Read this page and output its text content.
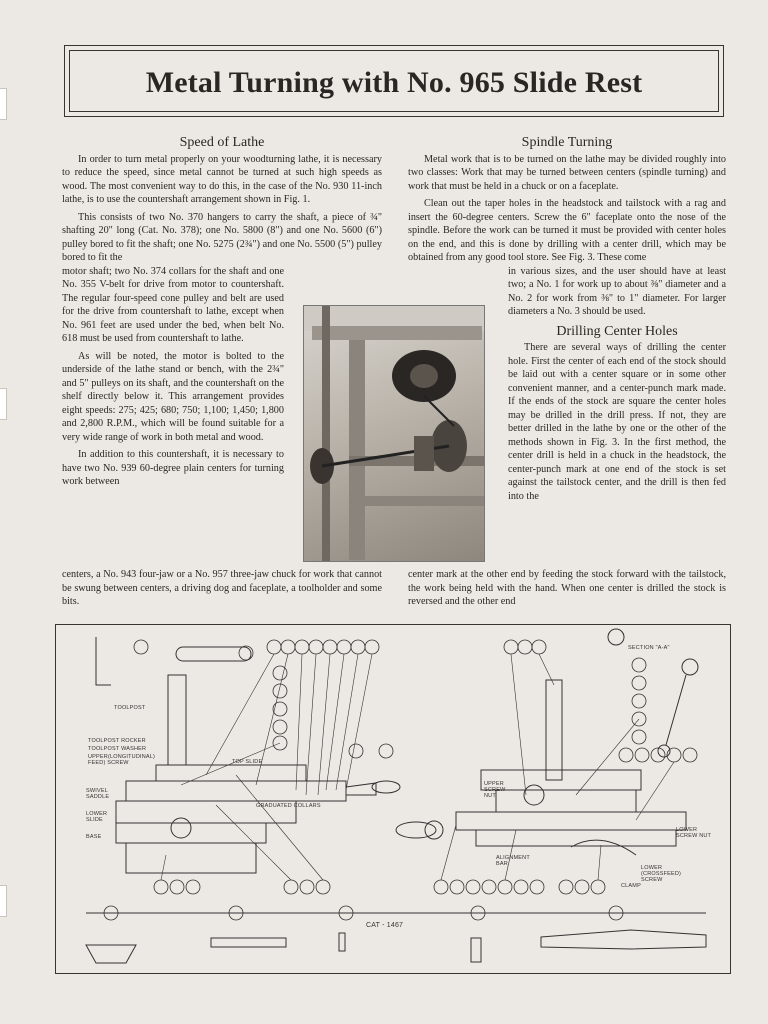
Metal Turning with No. 965 Slide Rest
Speed of Lathe

In order to turn metal properly on your woodturning lathe, it is necessary to reduce the speed, since metal cannot be turned at such high speeds as wood. The most convenient way to do this, in the case of the No. 930 11-inch lathe, is to use the countershaft arrangement shown in Fig. 1.

This consists of two No. 370 hangers to carry the shaft, a piece of ¾" shafting 20" long (Cat. No. 378); one No. 5800 (8") and one No. 5600 (6") pulley bored to fit the shaft; one No. 5275 (2¾") and one No. 5500 (5") pulley bored to fit the

motor shaft; two No. 374 collars for the shaft and one No. 355 V-belt for drive from motor to countershaft. The regular four-speed cone pulley and belt are used for the drive from countershaft to lathe, except when No. 961 feet are used under the bed, when belt No. 618 must be used from countershaft to lathe.

As will be noted, the motor is bolted to the underside of the lathe stand or bench, with the 2¾" and 5" pulleys on its shaft, and the countershaft on the shelf directly below it. This arrangement provides eight speeds: 275; 425; 680; 750; 1,100; 1,450; 1,800 and 2,800 R.P.M., which will be found suitable for a very wide range of work in both metal and wood.

In addition to this countershaft, it is necessary to have two No. 939 60-degree plain centers for turning work between

centers, a No. 943 four-jaw or a No. 957 three-jaw chuck for work that cannot be swung between centers, a driving dog and faceplate, a toolholder and some bits.
Spindle Turning

Metal work that is to be turned on the lathe may be divided roughly into two classes: Work that may be turned between centers (spindle turning) and work that must be held in a chuck or on a faceplate.

Clean out the taper holes in the headstock and tailstock with a rag and insert the 60-degree centers. Screw the 6" faceplate onto the nose of the spindle. Before the work can be turned it must be provided with center holes on the end, and this is done by drilling with a center drill, which may be obtained from any good tool store. See Fig. 3. These come

in various sizes, and the user should have at least two; a No. 1 for work up to about ⅜" diameter and a No. 2 for work from ⅜" to 1" diameter. For larger diameters a No. 3 should be used.

Drilling Center Holes

There are several ways of drilling the center hole. First the center of each end of the stock should be laid out with a center square or in some other convenient manner, and a center-punch mark made. If the ends of the stock are square the center holes may be drilled in the drill press. If not, they are better drilled in the lathe by one or the other of the methods shown in Fig. 3. In the first method, the center drill is held in a chuck in the headstock, the center-punch mark at one end of the stock is set against the tailstock center, and the drill is then fed into the

center mark at the other end by feeding the stock forward with the tailstock, the work being held with the hand. When one center is drilled the stock is reversed and the other end
TOOLPOST
TOOLPOST ROCKER
TOOLPOST WASHER
UPPER(LONGITUDINAL) FEED) SCREW	TOP SLIDE
SWIVEL SADDLE
LOWER SLIDE
BASE
GRADUATED COLLARS
SECTION "A-A"
UPPER SCREW NUT
LOWER SCREW NUT
LOWER (CROSSFEED) SCREW
ALIGNMENT BAR
CLAMP
CAT - 1467
